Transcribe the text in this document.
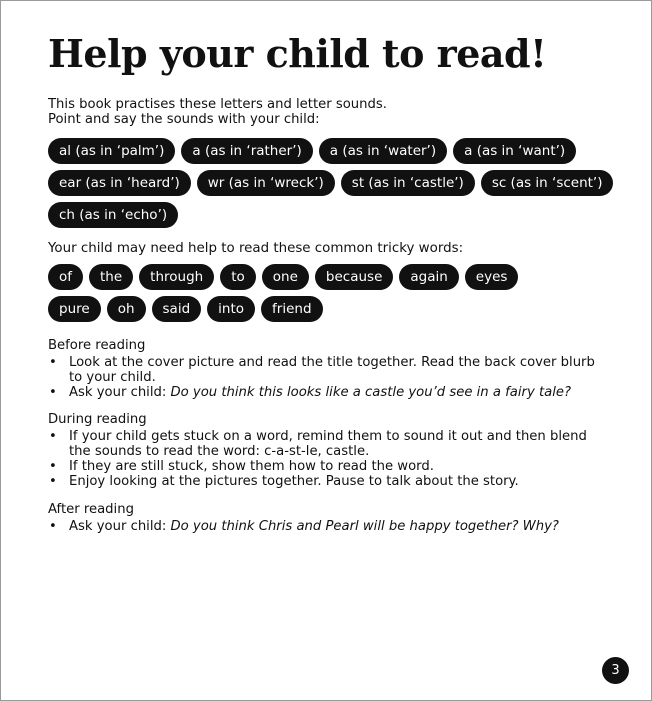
Help your child to read!
This book practises these letters and letter sounds.
Point and say the sounds with your child:
al (as in ‘palm’)	a (as in ‘rather’)	a (as in ‘water’)	a (as in ‘want’)
ear (as in ‘heard’)	wr (as in ‘wreck’)	st (as in ‘castle’)	sc (as in ‘scent’)
ch (as in ‘echo’)
Your child may need help to read these common tricky words:
of	the	through	to	one	because	again	eyes
pure	oh	said	into	friend
Before reading
• Look at the cover picture and read the title together. Read the back cover blurb to your child.
• Ask your child: Do you think this looks like a castle you’d see in a fairy tale?
During reading
• If your child gets stuck on a word, remind them to sound it out and then blend the sounds to read the word: c-a-st-le, castle.
• If they are still stuck, show them how to read the word.
• Enjoy looking at the pictures together. Pause to talk about the story.
After reading
• Ask your child: Do you think Chris and Pearl will be happy together? Why?
3
